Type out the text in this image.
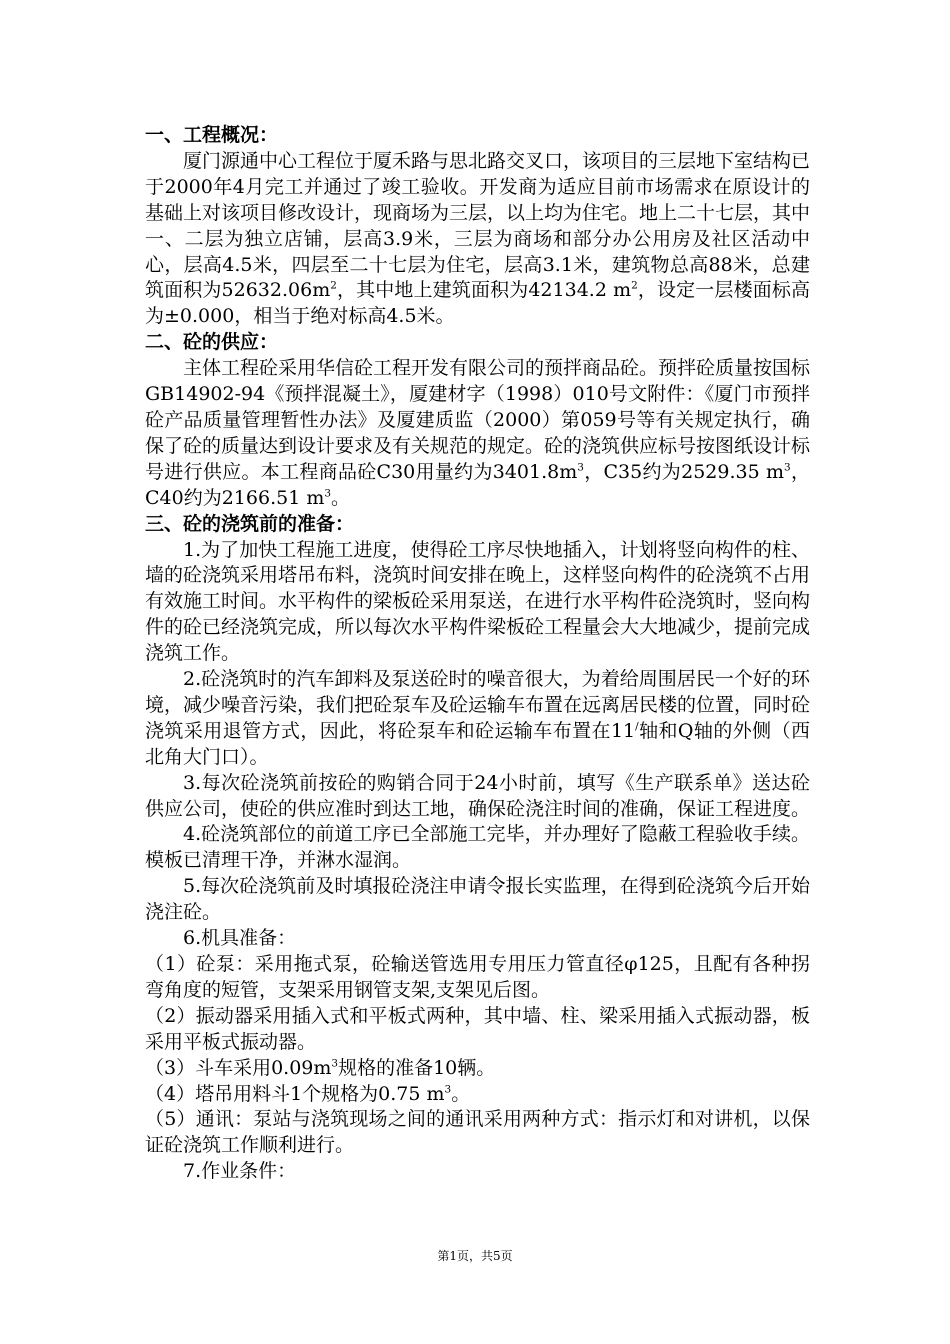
一、工程概况：

厦门源通中心工程位于厦禾路与思北路交叉口，该项目的三层地下室结构已于2000年4月完工并通过了竣工验收。开发商为适应目前市场需求在原设计的基础上对该项目修改设计，现商场为三层，以上均为住宅。地上二十七层，其中一、二层为独立店铺，层高3.9米，三层为商场和部分办公用房及社区活动中心，层高4.5米，四层至二十七层为住宅，层高3.1米，建筑物总高88米，总建筑面积为$52632.06m^2$，其中地上建筑面积为42134.2 $m^2$，设定一层楼面标高为±0.000，相当于绝对标高4.5米。

二、砼的供应：

主体工程砼采用华信砼工程开发有限公司的预拌商品砼。预拌砼质量按国标GB14902-94《预拌混凝土》，厦建材字（1998）010号文附件：《厦门市预拌砼产品质量管理暂性办法》及厦建质监（2000）第059号等有关规定执行，确保了砼的质量达到设计要求及有关规范的规定。砼的浇筑供应标号按图纸设计标号进行供应。本工程商品砼C30用量约为$3401.8m^3$，C35约为2529.35 $m^3$，C40约为2166.51 $m^3$。

三、砼的浇筑前的准备：

1.为了加快工程施工进度，使得砼工序尽快地插入，计划将竖向构件的柱、墙的砼浇筑采用塔吊布料，浇筑时间安排在晚上，这样竖向构件的砼浇筑不占用有效施工时间。水平构件的梁板砼采用泵送，在进行水平构件砼浇筑时，竖向构件的砼已经浇筑完成，所以每次水平构件梁板砼工程量会大大地减少，提前完成浇筑工作。

2.砼浇筑时的汽车卸料及泵送砼时的噪音很大，为着给周围居民一个好的环境，减少噪音污染，我们把砼泵车及砼运输车布置在远离居民楼的位置，同时砼浇筑采用退管方式，因此，将砼泵车和砼运输车布置在11/轴和Q轴的外侧（西北角大门口）。

3.每次砼浇筑前按砼的购销合同于24小时前，填写《生产联系单》送达砼供应公司，使砼的供应准时到达工地，确保砼浇注时间的准确，保证工程进度。

4.砼浇筑部位的前道工序已全部施工完毕，并办理好了隐蔽工程验收手续。模板已清理干净，并淋水湿润。

5.每次砼浇筑前及时填报砼浇注申请令报长实监理，在得到砼浇筑今后开始浇注砼。

6.机具准备：

（1）砼泵：采用拖式泵，砼输送管选用专用压力管直径φ125，且配有各种拐弯角度的短管，支架采用钢管支架,支架见后图。

（2）振动器采用插入式和平板式两种，其中墙、柱、梁采用插入式振动器，板采用平板式振动器。

（3）斗车采用$0.09m^3$规格的准备10辆。

（4）塔吊用料斗1个规格为0.75 $m^3$。

（5）通讯：泵站与浇筑现场之间的通讯采用两种方式：指示灯和对讲机，以保证砼浇筑工作顺利进行。

7.作业条件：

第1页，共5页
